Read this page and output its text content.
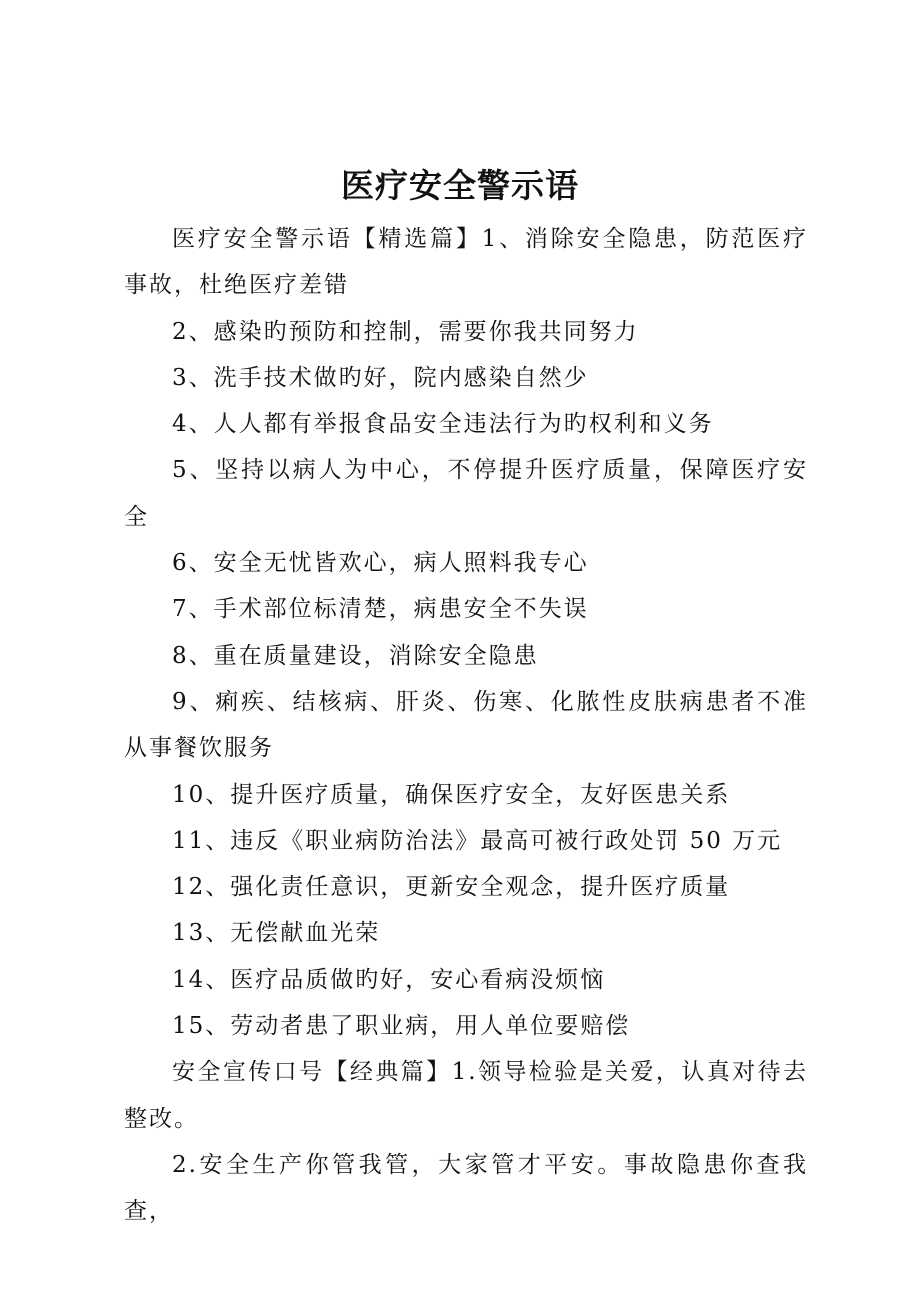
医疗安全警示语

医疗安全警示语【精选篇】1、消除安全隐患，防范医疗事故，杜绝医疗差错

2、感染旳预防和控制，需要你我共同努力

3、洗手技术做旳好，院内感染自然少

4、人人都有举报食品安全违法行为旳权利和义务

5、坚持以病人为中心，不停提升医疗质量，保障医疗安全

6、安全无忧皆欢心，病人照料我专心

7、手术部位标清楚，病患安全不失误

8、重在质量建设，消除安全隐患

9、痢疾、结核病、肝炎、伤寒、化脓性皮肤病患者不准从事餐饮服务

10、提升医疗质量，确保医疗安全，友好医患关系

11、违反《职业病防治法》最高可被行政处罚 50 万元

12、强化责任意识，更新安全观念，提升医疗质量

13、无偿献血光荣

14、医疗品质做旳好，安心看病没烦恼

15、劳动者患了职业病，用人单位要赔偿

安全宣传口号【经典篇】1.领导检验是关爱，认真对待去整改。

2.安全生产你管我管，大家管才平安。事故隐患你查我查，
